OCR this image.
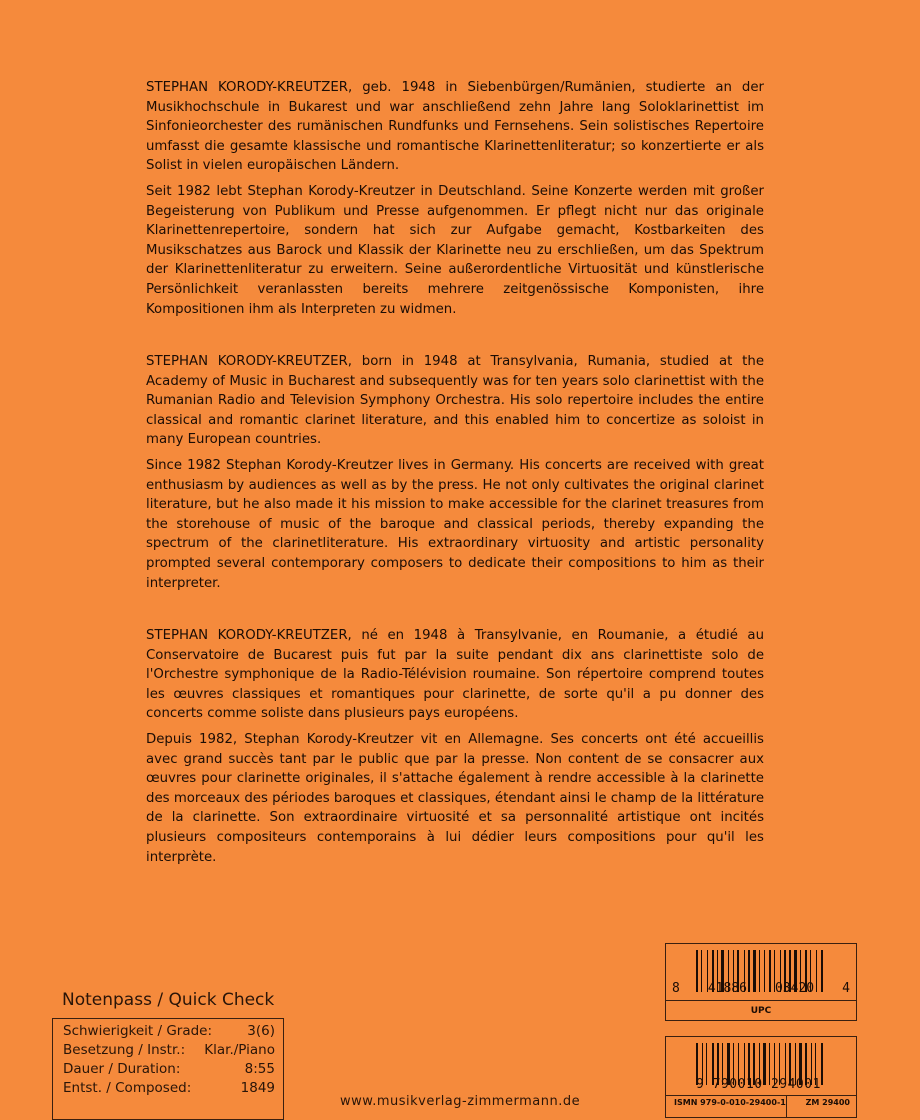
STEPHAN KORODY-KREUTZER, geb. 1948 in Siebenbürgen/Rumänien, studierte an der Musikhochschule in Bukarest und war anschließend zehn Jahre lang Soloklarinettist im Sinfonieorchester des rumänischen Rundfunks und Fernsehens. Sein solistisches Repertoire umfasst die gesamte klassische und romantische Klarinettenliteratur; so konzertierte er als Solist in vielen europäischen Ländern.

Seit 1982 lebt Stephan Korody-Kreutzer in Deutschland. Seine Konzerte werden mit großer Begeisterung von Publikum und Presse aufgenommen. Er pflegt nicht nur das originale Klarinettenrepertoire, sondern hat sich zur Aufgabe gemacht, Kostbarkeiten des Musikschatzes aus Barock und Klassik der Klarinette neu zu erschließen, um das Spektrum der Klarinettenliteratur zu erweitern. Seine außerordentliche Virtuosität und künstlerische Persönlichkeit veranlassten bereits mehrere zeitgenössische Komponisten, ihre Kompositionen ihm als Interpreten zu widmen.

STEPHAN KORODY-KREUTZER, born in 1948 at Transylvania, Rumania, studied at the Academy of Music in Bucharest and subsequently was for ten years solo clarinettist with the Rumanian Radio and Television Symphony Orchestra. His solo repertoire includes the entire classical and romantic clarinet literature, and this enabled him to concertize as soloist in many European countries.

Since 1982 Stephan Korody-Kreutzer lives in Germany. His concerts are received with great enthusiasm by audiences as well as by the press. He not only cultivates the original clarinet literature, but he also made it his mission to make accessible for the clarinet treasures from the storehouse of music of the baroque and classical periods, thereby expanding the spectrum of the clarinetliterature. His extraordinary virtuosity and artistic personality prompted several contemporary composers to dedicate their compositions to him as their interpreter.

STEPHAN KORODY-KREUTZER, né en 1948 à Transylvanie, en Roumanie, a étudié au Conservatoire de Bucarest puis fut par la suite pendant dix ans clarinettiste solo de l'Orchestre symphonique de la Radio-Télévision roumaine. Son répertoire comprend toutes les œuvres classiques et romantiques pour clarinette, de sorte qu'il a pu donner des concerts comme soliste dans plusieurs pays européens.

Depuis 1982, Stephan Korody-Kreutzer vit en Allemagne. Ses concerts ont été accueillis avec grand succès tant par le public que par la presse. Non content de se consacrer aux œuvres pour clarinette originales, il s'attache également à rendre accessible à la clarinette des morceaux des périodes baroques et classiques, étendant ainsi le champ de la littérature de la clarinette. Son extraordinaire virtuosité et sa personnalité artistique ont incités plusieurs compositeurs contemporains à lui dédier leurs compositions pour qu'il les interprète.

Notenpass / Quick Check
Schwierigkeit / Grade:	3(6)
Besetzung / Instr.: Klar./Piano
Dauer / Duration:	8:55
Entst. / Composed:	1849
www.musikverlag-zimmermann.de
8 41886 03420 4
UPC
9 790010 294001
ISMN 979-0-010-29400-1 ZM 29400
